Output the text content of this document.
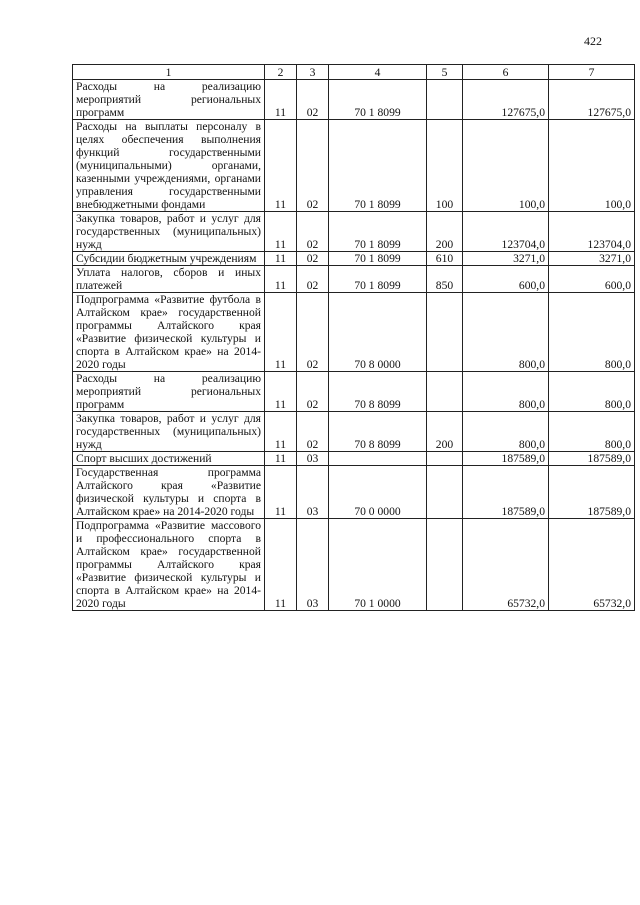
422
1	2	3	4	5	6	7
Расходы на реализацию мероприятий региональных программ	11	02	70 1 8099		127675,0	127675,0
Расходы на выплаты персоналу в целях обеспечения выполнения функций государственными (муниципальными) органами, казенными учреждениями, органами управления государственными внебюджетными фондами	11	02	70 1 8099	100	100,0	100,0
Закупка товаров, работ и услуг для государственных (муниципальных) нужд	11	02	70 1 8099	200	123704,0	123704,0
Субсидии бюджетным учреждениям	11	02	70 1 8099	610	3271,0	3271,0
Уплата налогов, сборов и иных платежей	11	02	70 1 8099	850	600,0	600,0
Подпрограмма «Развитие футбола в Алтайском крае» государственной программы Алтайского края «Развитие физической культуры и спорта в Алтайском крае» на 2014-2020 годы	11	02	70 8 0000		800,0	800,0
Расходы на реализацию мероприятий региональных программ	11	02	70 8 8099		800,0	800,0
Закупка товаров, работ и услуг для государственных (муниципальных) нужд	11	02	70 8 8099	200	800,0	800,0
Спорт высших достижений	11	03			187589,0	187589,0
Государственная программа Алтайского края «Развитие физической культуры и спорта в Алтайском крае» на 2014-2020 годы	11	03	70 0 0000		187589,0	187589,0
Подпрограмма «Развитие массового и профессионального спорта в Алтайском крае» государственной программы Алтайского края «Развитие физической культуры и спорта в Алтайском крае» на 2014-2020 годы	11	03	70 1 0000		65732,0	65732,0
